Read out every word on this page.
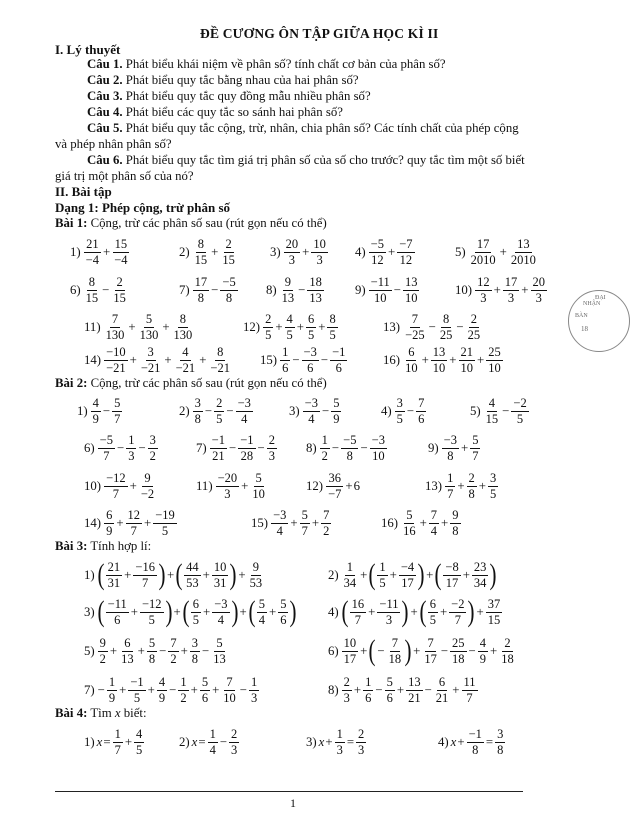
ĐỀ CƯƠNG ÔN TẬP GIỮA HỌC KÌ II
I. Lý thuyết
Câu 1. Phát biểu khái niệm về phân số? tính chất cơ bản của phân số?
Câu 2. Phát biểu quy tắc bằng nhau của hai phân số?
Câu 3. Phát biểu quy tắc quy đồng mẫu nhiều phân số?
Câu 4. Phát biểu các quy tắc so sánh hai phân số?
Câu 5. Phát biểu quy tắc cộng, trừ, nhân, chia phân số? Các tính chất của phép cộng
và phép nhân phân số?
Câu 6. Phát biểu quy tắc tìm giá trị phân số của số cho trước? quy tắc tìm một số biết
giá trị một phân số của nó?
II. Bài tập
Dạng 1: Phép cộng, trừ phân số
Bài 1: Cộng, trừ các phân số sau (rút gọn nếu có thể)
$1) \frac{21}{-4} + \frac{15}{-4}$	$2) \frac{8}{15} + \frac{2}{15}$	$3) \frac{20}{3} + \frac{10}{3} 4) \frac{-5}{12} + \frac{-7}{12}$	$5) \frac{17}{2010} + \frac{13}{2010}$
$6) \frac{8}{15} - \frac{2}{15}$	$7) \frac{17}{8} - \frac{-5}{8} 8) \frac{9}{13} - \frac{18}{13} 9) \frac{-11}{10} - \frac{13}{10}$	$10) \frac{12}{3} + \frac{17}{3} + \frac{20}{3}$
$11) \frac{7}{130} + \frac{5}{130} + \frac{8}{130}$	$12) \frac{2}{5} + \frac{4}{5} + \frac{6}{5} + \frac{8}{5}$	$13) \frac{7}{-25} - \frac{8}{25} - \frac{2}{25}$
$14) \frac{-10}{-21} + \frac{3}{-21} + \frac{4}{-21} + \frac{8}{-21} 15) \frac{1}{6} - \frac{-3}{6} - \frac{-1}{6}$	$16) \frac{6}{10} + \frac{13}{10} + \frac{21}{10} + \frac{25}{10}$
Bài 2: Cộng, trừ các phân số sau (rút gọn nếu có thể)
$1) \frac{4}{9} - \frac{5}{7}$	$2) \frac{3}{8} - \frac{2}{5} - \frac{-3}{4}$	$3) \frac{-3}{4} - \frac{5}{9}$	$4) \frac{3}{5} - \frac{7}{6}$	$5) \frac{4}{15} - \frac{-2}{5}$
$6) \frac{-5}{7} - \frac{1}{3} - \frac{3}{2}$	$7) \frac{-1}{21} - \frac{-1}{28} - \frac{2}{3} 8) \frac{1}{2} - \frac{-5}{8} - \frac{-3}{10}$	$9) \frac{-3}{8} + \frac{5}{7}$
$10) \frac{-12}{7} + \frac{9}{-2}$	$11) \frac{-20}{3} + \frac{5}{10}$	$12) \frac{36}{-7} + 6$	$13) \frac{1}{7} + \frac{2}{8} + \frac{3}{5}$
$14) \frac{6}{9} + \frac{12}{7} + \frac{-19}{5}$	$15) \frac{-3}{4} + \frac{5}{7} + \frac{7}{2}$	$16) \frac{5}{16} + \frac{7}{4} + \frac{9}{8}$
Bài 3: Tính hợp lí:
1) ( $\frac{21}{31} + \frac{-16}{7}$ ) + ( $\frac{44}{53} + \frac{10}{31}$ ) + $\frac{9}{53}$	$2) \frac{1}{34}$ + ( $\frac{1}{5} + \frac{-4}{17}$ ) + ( $\frac{-8}{17} + \frac{23}{34}$ )
3) ( $\frac{-11}{6} + \frac{-12}{5}$ ) + ( $\frac{6}{5} + \frac{-3}{4}$ ) + ( $\frac{5}{4} + \frac{5}{6}$ ) 4) ( $\frac{16}{7} + \frac{-11}{3}$ ) + ( $\frac{6}{5} + \frac{-2}{7}$ ) + $\frac{37}{15}$
$5) \frac{9}{2} + \frac{6}{13} + \frac{5}{8} - \frac{7}{2} + \frac{3}{8} - \frac{5}{13}$	$6) \frac{10}{17}$ + ( − $\frac{7}{18}$ ) + $\frac{7}{17} - \frac{25}{18} - \frac{4}{9} + \frac{2}{18}$
$7) - \frac{1}{9} + \frac{-1}{5} + \frac{4}{9} - \frac{1}{2} + \frac{5}{6} + \frac{7}{10} - \frac{1}{3}$	$8) \frac{2}{3} + \frac{1}{6} - \frac{5}{6} + \frac{13}{21} - \frac{6}{21} + \frac{11}{7}$
Bài 4: Tìm x biết:
1) $x = \frac{1}{7} + \frac{4}{5}$	2) $x = \frac{1}{4} - \frac{2}{3}$	3) $x + \frac{1}{3} = \frac{2}{3}$	4) $x + \frac{-1}{8} = \frac{3}{8}$
1
BÀN
NHẬN
ĐẠI
18
